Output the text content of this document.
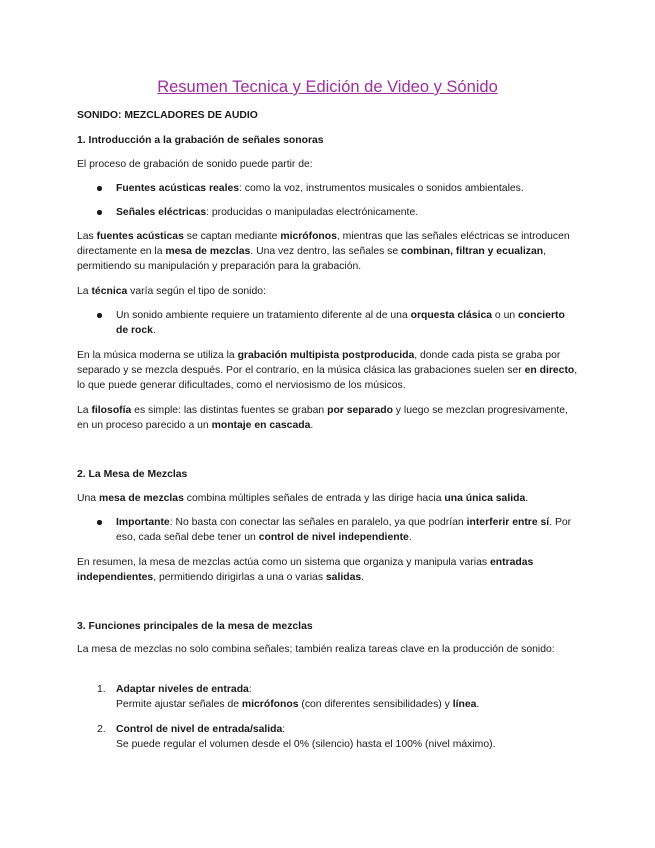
Resumen Tecnica y Edición de Video y Sónido

SONIDO: MEZCLADORES DE AUDIO

1. Introducción a la grabación de señales sonoras

El proceso de grabación de sonido puede partir de:

Fuentes acústicas reales: como la voz, instrumentos musicales o sonidos ambientales.

Señales eléctricas: producidas o manipuladas electrónicamente.

Las fuentes acústicas se captan mediante micrófonos, mientras que las señales eléctricas se introducen directamente en la mesa de mezclas. Una vez dentro, las señales se combinan, filtran y ecualizan, permitiendo su manipulación y preparación para la grabación.

La técnica varía según el tipo de sonido:

Un sonido ambiente requiere un tratamiento diferente al de una orquesta clásica o un concierto de rock.

En la música moderna se utiliza la grabación multipista postproducida, donde cada pista se graba por separado y se mezcla después. Por el contrario, en la música clásica las grabaciones suelen ser en directo, lo que puede generar dificultades, como el nerviosismo de los músicos.

La filosofía es simple: las distintas fuentes se graban por separado y luego se mezclan progresivamente, en un proceso parecido a un montaje en cascada.

2. La Mesa de Mezclas

Una mesa de mezclas combina múltiples señales de entrada y las dirige hacia una única salida.

Importante: No basta con conectar las señales en paralelo, ya que podrían interferir entre sí. Por eso, cada señal debe tener un control de nivel independiente.

En resumen, la mesa de mezclas actúa como un sistema que organiza y manipula varias entradas independientes, permitiendo dirigirlas a una o varias salidas.

3. Funciones principales de la mesa de mezclas

La mesa de mezclas no solo combina señales; también realiza tareas clave en la producción de sonido:

1. Adaptar niveles de entrada:
Permite ajustar señales de micrófonos (con diferentes sensibilidades) y línea.

2. Control de nivel de entrada/salida:
Se puede regular el volumen desde el 0% (silencio) hasta el 100% (nivel máximo).
